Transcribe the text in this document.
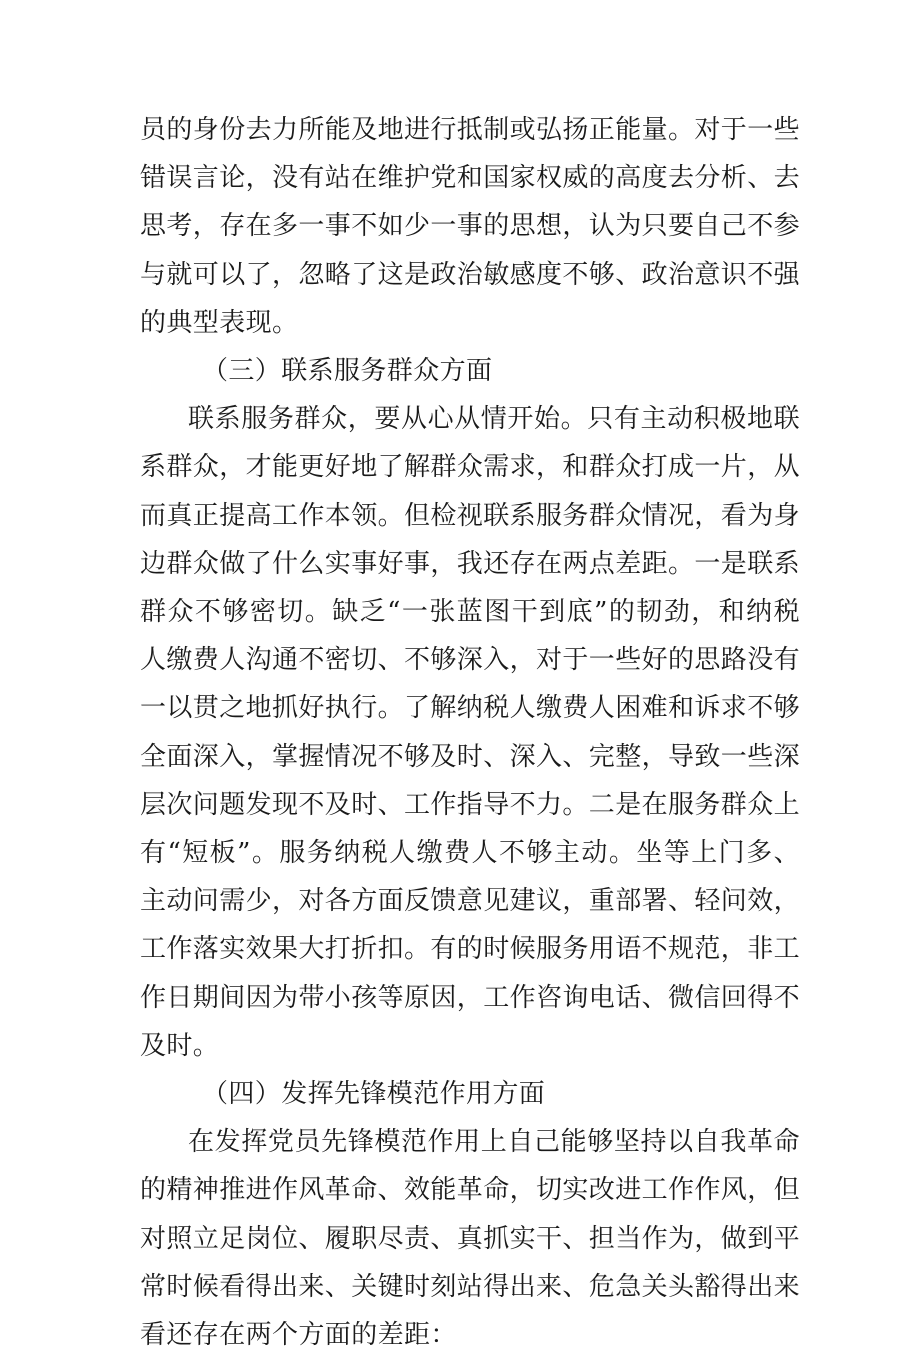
员的身份去力所能及地进行抵制或弘扬正能量。对于一些错误言论，没有站在维护党和国家权威的高度去分析、去思考，存在多一事不如少一事的思想，认为只要自己不参与就可以了，忽略了这是政治敏感度不够、政治意识不强的典型表现。

（三）联系服务群众方面

联系服务群众，要从心从情开始。只有主动积极地联系群众，才能更好地了解群众需求，和群众打成一片，从而真正提高工作本领。但检视联系服务群众情况，看为身边群众做了什么实事好事，我还存在两点差距。一是联系群众不够密切。缺乏“一张蓝图干到底”的韧劲，和纳税人缴费人沟通不密切、不够深入，对于一些好的思路没有一以贯之地抓好执行。了解纳税人缴费人困难和诉求不够全面深入，掌握情况不够及时、深入、完整，导致一些深层次问题发现不及时、工作指导不力。二是在服务群众上有“短板”。服务纳税人缴费人不够主动。坐等上门多、主动问需少，对各方面反馈意见建议，重部署、轻问效，工作落实效果大打折扣。有的时候服务用语不规范，非工作日期间因为带小孩等原因，工作咨询电话、微信回得不及时。

（四）发挥先锋模范作用方面

在发挥党员先锋模范作用上自己能够坚持以自我革命的精神推进作风革命、效能革命，切实改进工作作风，但对照立足岗位、履职尽责、真抓实干、担当作为，做到平常时候看得出来、关键时刻站得出来、危急关头豁得出来看还存在两个方面的差距：
